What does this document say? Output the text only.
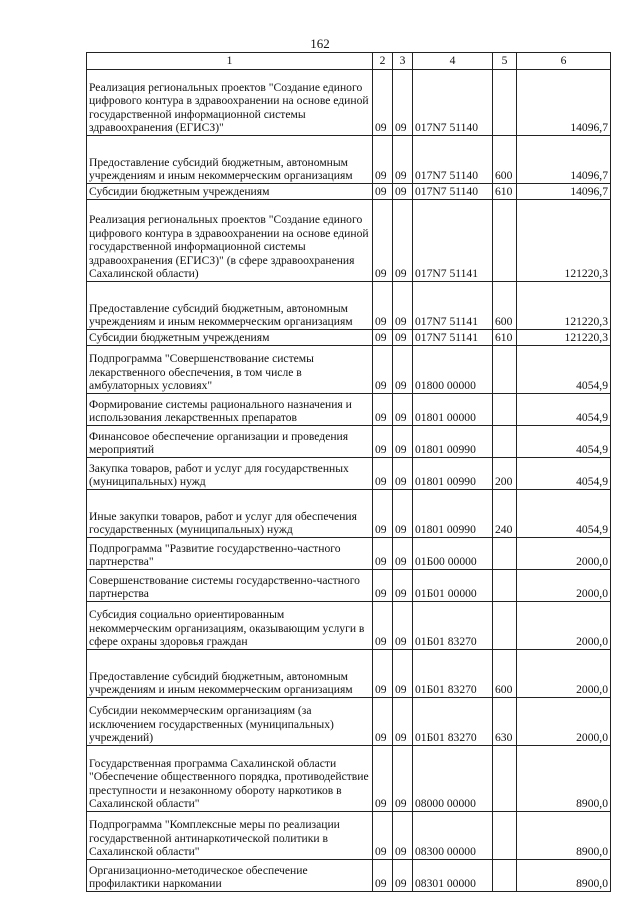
162
1	2	3	4	5	6
Реализация региональных проектов "Создание единого цифрового контура в здравоохранении на основе единой государственной информационной системы здравоохранения (ЕГИСЗ)"	09	09	017N7 51140		14096,7
Предоставление субсидий бюджетным, автономным учреждениям и иным некоммерческим организациям	09	09	017N7 51140	600	14096,7
Субсидии бюджетным учреждениям	09	09	017N7 51140	610	14096,7
Реализация региональных проектов "Создание единого цифрового контура в здравоохранении на основе единой государственной информационной системы здравоохранения (ЕГИСЗ)" (в сфере здравоохранения Сахалинской области)	09	09	017N7 51141		121220,3
Предоставление субсидий бюджетным, автономным учреждениям и иным некоммерческим организациям	09	09	017N7 51141	600	121220,3
Субсидии бюджетным учреждениям	09	09	017N7 51141	610	121220,3
Подпрограмма "Совершенствование системы лекарственного обеспечения, в том числе в амбулаторных условиях"	09	09	01800 00000		4054,9
Формирование системы рационального назначения и использования лекарственных препаратов	09	09	01801 00000		4054,9
Финансовое обеспечение организации и проведения мероприятий	09	09	01801 00990		4054,9
Закупка товаров, работ и услуг для государственных (муниципальных) нужд	09	09	01801 00990	200	4054,9
Иные закупки товаров, работ и услуг для обеспечения государственных (муниципальных) нужд	09	09	01801 00990	240	4054,9
Подпрограмма "Развитие государственно-частного партнерства"	09	09	01Б00 00000		2000,0
Совершенствование системы государственно-частного партнерства	09	09	01Б01 00000		2000,0
Субсидия социально ориентированным некоммерческим организациям, оказывающим услуги в сфере охраны здоровья граждан	09	09	01Б01 83270		2000,0
Предоставление субсидий бюджетным, автономным учреждениям и иным некоммерческим организациям	09	09	01Б01 83270	600	2000,0
Субсидии некоммерческим организациям (за исключением государственных (муниципальных) учреждений)	09	09	01Б01 83270	630	2000,0
Государственная программа Сахалинской области "Обеспечение общественного порядка, противодействие преступности и незаконному обороту наркотиков в Сахалинской области"	09	09	08000 00000		8900,0
Подпрограмма "Комплексные меры по реализации государственной антинаркотической политики в Сахалинской области"	09	09	08300 00000		8900,0
Организационно-методическое обеспечение профилактики наркомании	09	09	08301 00000		8900,0
